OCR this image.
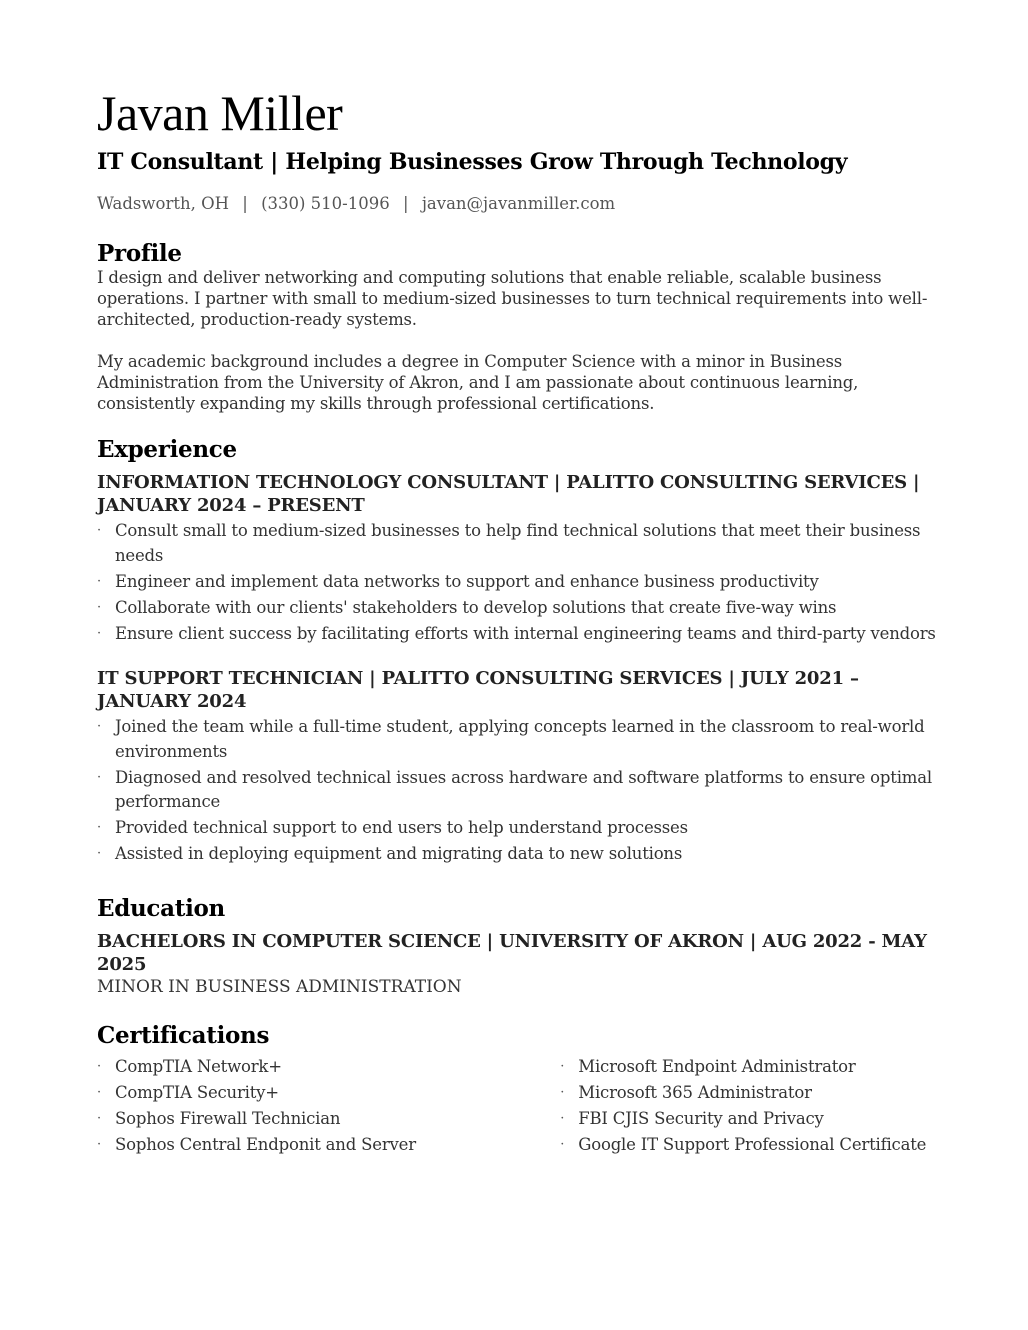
Javan Miller
IT Consultant | Helping Businesses Grow Through Technology
Wadsworth, OH | (330) 510-1096 | javan@javanmiller.com
Profile

I design and deliver networking and computing solutions that enable reliable, scalable business operations. I partner with small to medium-sized businesses to turn technical requirements into well-architected, production-ready systems.

My academic background includes a degree in Computer Science with a minor in Business Administration from the University of Akron, and I am passionate about continuous learning, consistently expanding my skills through professional certifications.

Experience
INFORMATION TECHNOLOGY CONSULTANT | PALITTO CONSULTING SERVICES | JANUARY 2024 – PRESENT
· Consult small to medium-sized businesses to help find technical solutions that meet their business needs
· Engineer and implement data networks to support and enhance business productivity
· Collaborate with our clients' stakeholders to develop solutions that create five-way wins
· Ensure client success by facilitating efforts with internal engineering teams and third-party vendors
IT SUPPORT TECHNICIAN | PALITTO CONSULTING SERVICES | JULY 2021 – JANUARY 2024
· Joined the team while a full-time student, applying concepts learned in the classroom to real-world environments
· Diagnosed and resolved technical issues across hardware and software platforms to ensure optimal performance
· Provided technical support to end users to help understand processes
· Assisted in deploying equipment and migrating data to new solutions
Education
BACHELORS IN COMPUTER SCIENCE | UNIVERSITY OF AKRON | AUG 2022 - MAY 2025

MINOR IN BUSINESS ADMINISTRATION

Certifications
· CompTIA Network+
· CompTIA Security+
· Sophos Firewall Technician
· Sophos Central Endponit and Server
· Microsoft Endpoint Administrator
· Microsoft 365 Administrator
· FBI CJIS Security and Privacy
· Google IT Support Professional Certificate
